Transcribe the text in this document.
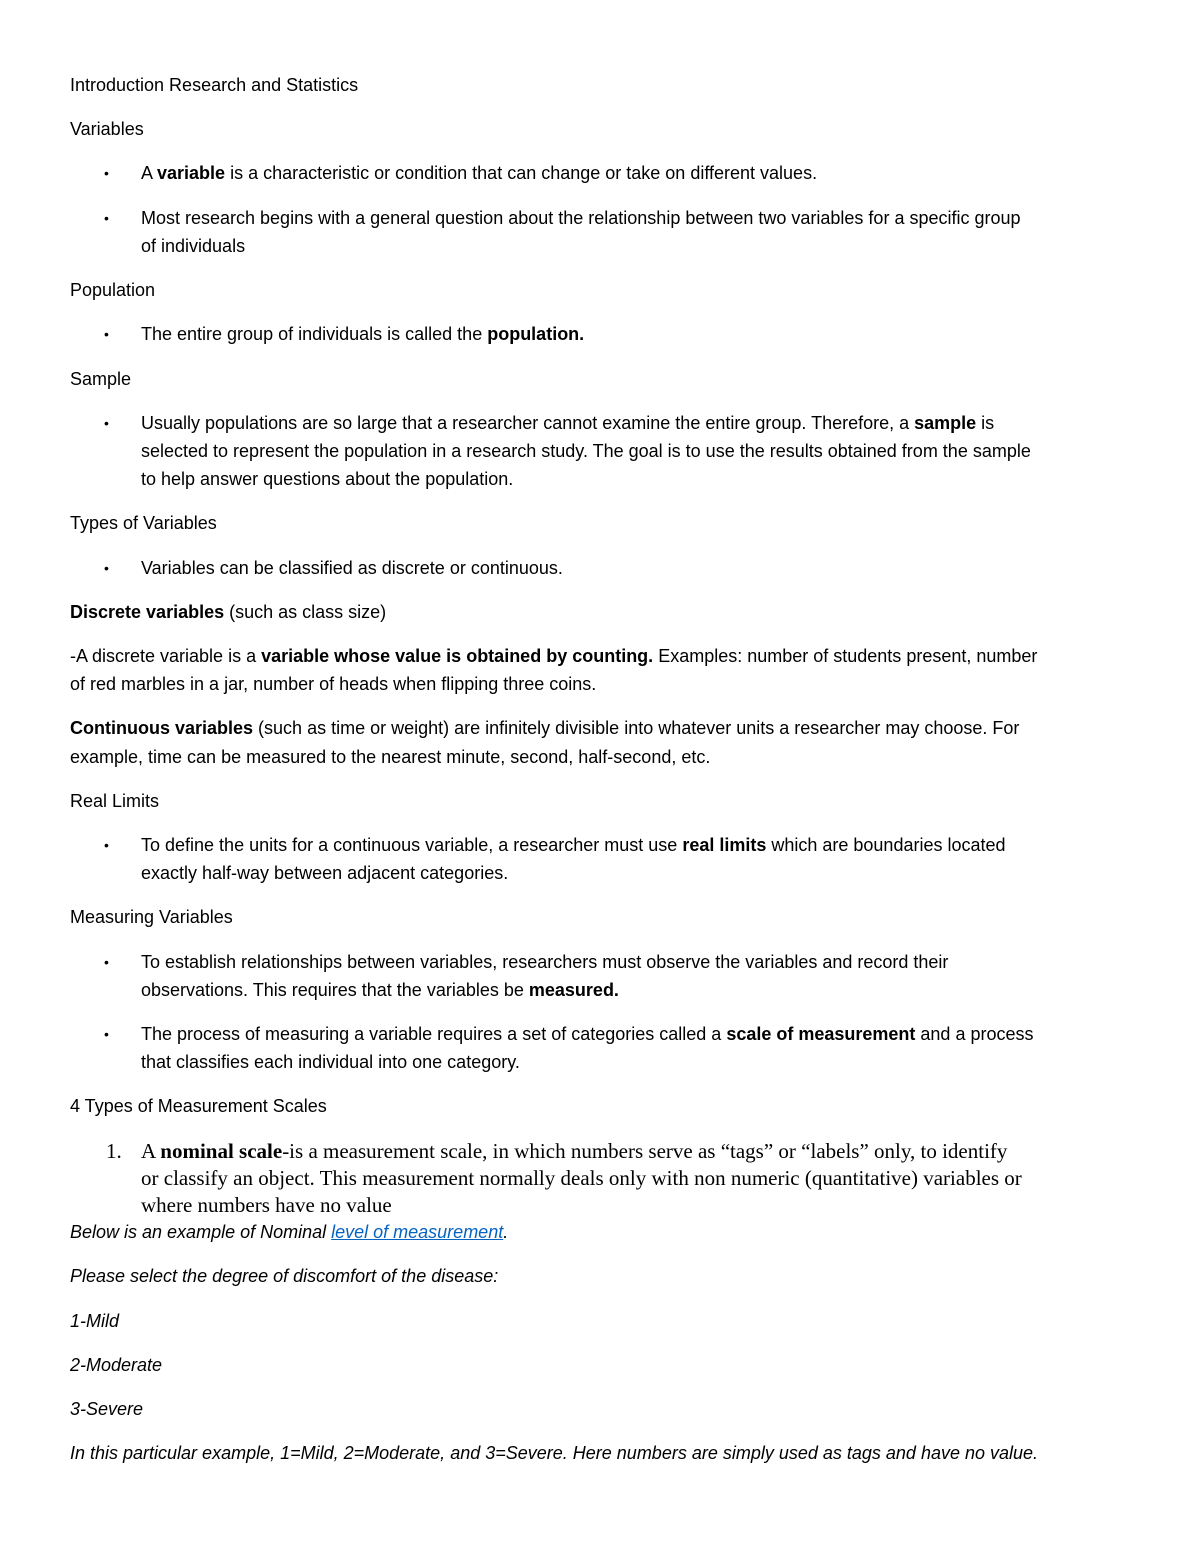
Introduction Research and Statistics
Variables
• A variable is a characteristic or condition that can change or take on different values.
• Most research begins with a general question about the relationship between two variables for a specific group
of individuals
Population
• The entire group of individuals is called the population.
Sample
• Usually populations are so large that a researcher cannot examine the entire group. Therefore, a sample is
selected to represent the population in a research study. The goal is to use the results obtained from the sample
to help answer questions about the population.
Types of Variables
• Variables can be classified as discrete or continuous.
Discrete variables (such as class size)
-A discrete variable is a variable whose value is obtained by counting. Examples: number of students present, number
of red marbles in a jar, number of heads when flipping three coins.
Continuous variables (such as time or weight) are infinitely divisible into whatever units a researcher may choose. For
example, time can be measured to the nearest minute, second, half-second, etc.
Real Limits
• To define the units for a continuous variable, a researcher must use real limits which are boundaries located
exactly half-way between adjacent categories.
Measuring Variables
• To establish relationships between variables, researchers must observe the variables and record their
observations. This requires that the variables be measured.
• The process of measuring a variable requires a set of categories called a scale of measurement and a process
that classifies each individual into one category.
4 Types of Measurement Scales
1. A nominal scale-is a measurement scale, in which numbers serve as “tags” or “labels” only, to identify
or classify an object. This measurement normally deals only with non numeric (quantitative) variables or
where numbers have no value
Below is an example of Nominal level of measurement.
Please select the degree of discomfort of the disease:
1-Mild
2-Moderate
3-Severe
In this particular example, 1=Mild, 2=Moderate, and 3=Severe. Here numbers are simply used as tags and have no value.
